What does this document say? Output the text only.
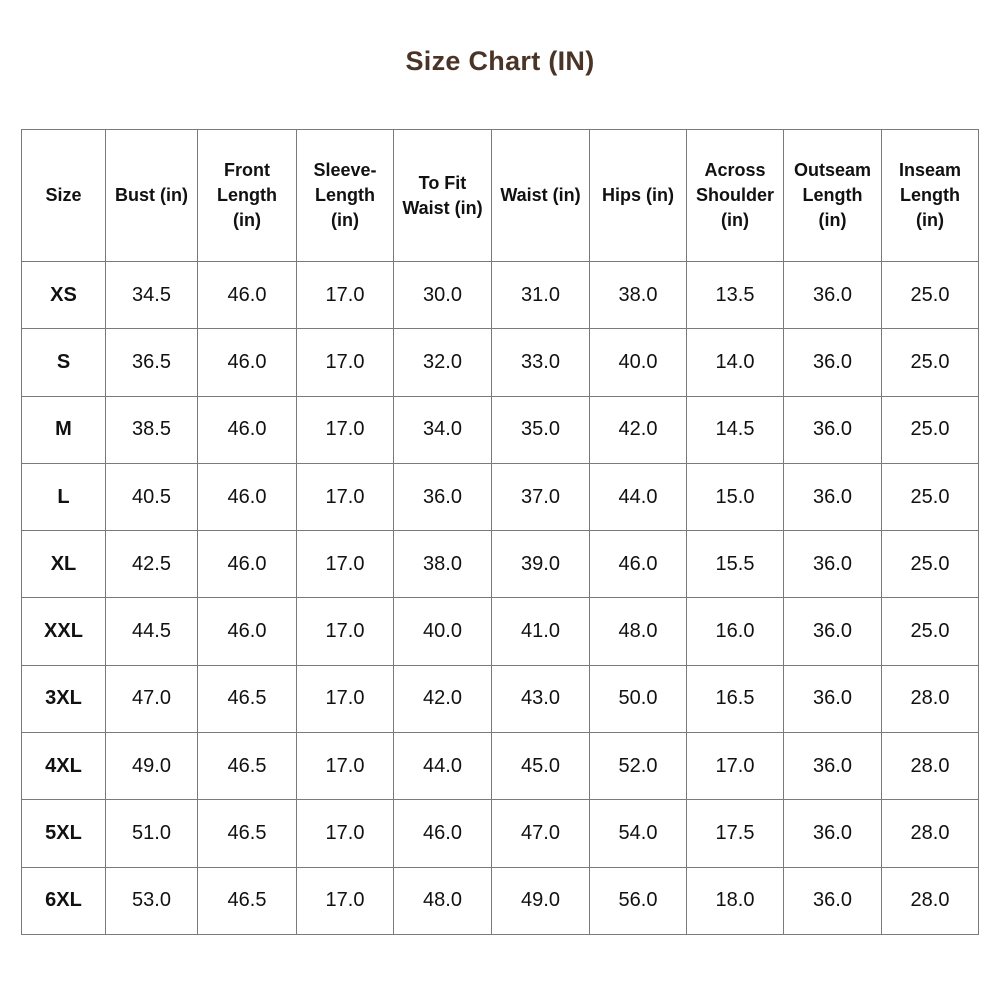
Size Chart (IN)
Size	Bust (in)	Front
Length
(in)	Sleeve-
Length
(in)	To Fit
Waist (in)	Waist (in)	Hips (in)	Across
Shoulder
(in)	Outseam
Length
(in)	Inseam
Length
(in)
XS	34.5	46.0	17.0	30.0	31.0	38.0	13.5	36.0	25.0
S	36.5	46.0	17.0	32.0	33.0	40.0	14.0	36.0	25.0
M	38.5	46.0	17.0	34.0	35.0	42.0	14.5	36.0	25.0
L	40.5	46.0	17.0	36.0	37.0	44.0	15.0	36.0	25.0
XL	42.5	46.0	17.0	38.0	39.0	46.0	15.5	36.0	25.0
XXL	44.5	46.0	17.0	40.0	41.0	48.0	16.0	36.0	25.0
3XL	47.0	46.5	17.0	42.0	43.0	50.0	16.5	36.0	28.0
4XL	49.0	46.5	17.0	44.0	45.0	52.0	17.0	36.0	28.0
5XL	51.0	46.5	17.0	46.0	47.0	54.0	17.5	36.0	28.0
6XL	53.0	46.5	17.0	48.0	49.0	56.0	18.0	36.0	28.0
